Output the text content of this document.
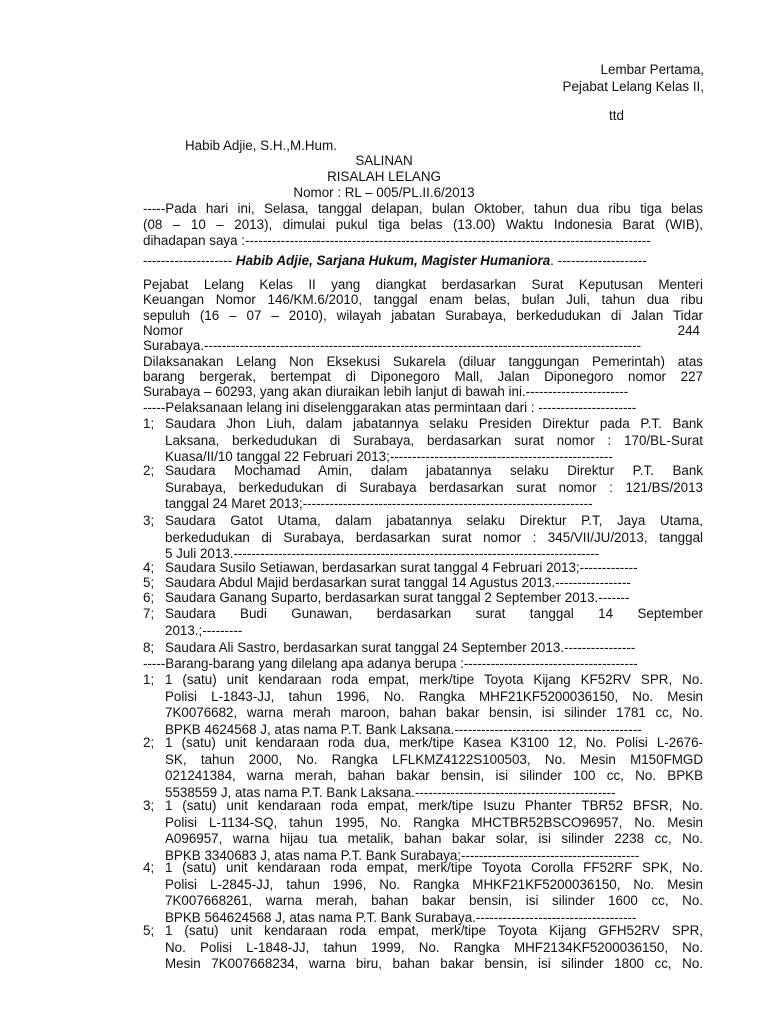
Lembar Pertama,
Pejabat Lelang Kelas II,
ttd
Habib Adjie, S.H.,M.Hum.
SALINAN
RISALAH LELANG
Nomor : RL – 005/PL.II.6/2013
-----Pada hari ini, Selasa, tanggal delapan, bulan Oktober, tahun dua ribu tiga belas
(08 – 10 – 2013), dimulai pukul tiga belas (13.00) Waktu Indonesia Barat (WIB),
dihadapan saya :-------------------------------------------------------------------------------------------
-------------------- Habib Adjie, Sarjana Hukum, Magister Humaniora. --------------------
Pejabat Lelang Kelas II yang diangkat berdasarkan Surat Keputusan Menteri
Keuangan Nomor 146/KM.6/2010, tanggal enam belas, bulan Juli, tahun dua ribu
sepuluh (16 – 07 – 2010), wilayah jabatan Surabaya, berkedudukan di Jalan Tidar
Nomor	244
Surabaya.--------------------------------------------------------------------------------------------------
Dilaksanakan Lelang Non Eksekusi Sukarela (diluar tanggungan Pemerintah) atas
barang bergerak, bertempat di Diponegoro Mall, Jalan Diponegoro nomor 227
Surabaya – 60293, yang akan diuraikan lebih lanjut di bawah ini.-----------------------
-----Pelaksanaan lelang ini diselenggarakan atas permintaan dari : ----------------------
1; Saudara Jhon Liuh, dalam jabatannya selaku Presiden Direktur pada P.T. Bank
Laksana, berkedudukan di Surabaya, berdasarkan surat nomor : 170/BL-Surat
Kuasa/II/10 tanggal 22 Februari 2013;--------------------------------------------------
2; Saudara Mochamad Amin, dalam jabatannya selaku Direktur P.T. Bank
Surabaya, berkedudukan di Surabaya berdasarkan surat nomor : 121/BS/2013
tanggal 24 Maret 2013;-----------------------------------------------------------------
3; Saudara Gatot Utama, dalam jabatannya selaku Direktur P.T, Jaya Utama,
berkedudukan di Surabaya, berdasarkan surat nomor : 345/VII/JU/2013, tanggal
5 Juli 2013.----------------------------------------------------------------------------------
4; Saudara Susilo Setiawan, berdasarkan surat tanggal 4 Februari 2013;-------------
5; Saudara Abdul Majid berdasarkan surat tanggal 14 Agustus 2013.-----------------
6; Saudara Ganang Suparto, berdasarkan surat tanggal 2 September 2013.-------
7; Saudara Budi Gunawan, berdasarkan surat tanggal 14 September
2013.;---------
8; Saudara Ali Sastro, berdasarkan surat tanggal 24 September 2013.----------------
-----Barang-barang yang dilelang apa adanya berupa :---------------------------------------
1; 1 (satu) unit kendaraan roda empat, merk/tipe Toyota Kijang KF52RV SPR, No.
Polisi L-1843-JJ, tahun 1996, No. Rangka MHF21KF5200036150, No. Mesin
7K0076682, warna merah maroon, bahan bakar bensin, isi silinder 1781 cc, No.
BPKB 4624568 J, atas nama P.T. Bank Laksana.------------------------------------------
2; 1 (satu) unit kendaraan roda dua, merk/tipe Kasea K3100 12, No. Polisi L-2676-
SK, tahun 2000, No. Rangka LFLKMZ4122S100503, No. Mesin M150FMGD
021241384, warna merah, bahan bakar bensin, isi silinder 100 cc, No. BPKB
5538559 J, atas nama P.T. Bank Laksana.---------------------------------------------
3; 1 (satu) unit kendaraan roda empat, merk/tipe Isuzu Phanter TBR52 BFSR, No.
Polisi L-1134-SQ, tahun 1995, No. Rangka MHCTBR52BSCO96957, No. Mesin
A096957, warna hijau tua metalik, bahan bakar solar, isi silinder 2238 cc, No.
BPKB 3340683 J, atas nama P.T. Bank Surabaya;----------------------------------------
4; 1 (satu) unit kendaraan roda empat, merk/tipe Toyota Corolla FF52RF SPK, No.
Polisi L-2845-JJ, tahun 1996, No. Rangka MHKF21KF5200036150, No. Mesin
7K007668261, warna merah, bahan bakar bensin, isi silinder 1600 cc, No.
BPKB 564624568 J, atas nama P.T. Bank Surabaya.------------------------------------
5; 1 (satu) unit kendaraan roda empat, merk/tipe Toyota Kijang GFH52RV SPR,
No. Polisi L-1848-JJ, tahun 1999, No. Rangka MHF2134KF5200036150, No.
Mesin 7K007668234, warna biru, bahan bakar bensin, isi silinder 1800 cc, No.
